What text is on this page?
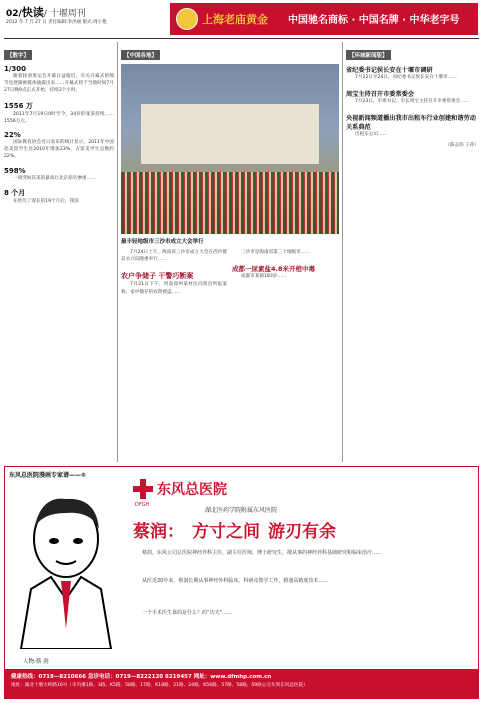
02/快读/ 十堰周刊
2012 年 7 月 27 日 责任编辑:李洪丽 版式:周小艳	上海老庙黄金 中国驰名商标 · 中国名牌 · 中华老字号
【数字】
1/300

随着轮滑奥运会开幕日益临近，有关开幕式的细节也逐渐被媒体披露出来……开幕式将于当地时间7月27日晚9点正式开始，持续3个小时。

1556 万

2011年7月19日0时至今，34岁的张某持续……1556万元。

22%

国际教育协会近日发布的统计显示，2011年中国赴美留学生比2010年增加23%，占留美学生总数约22%。

598%

一项突如其来的暴雨让北京损失惨重……

8 个月

在经历了漫长的19个月后，我国

【中国各地】
最丰轻地级市三沙市成立大会举行

7月24日上午，海南省三沙市成立大会在西沙群岛永兴岛隆重举行……

农户争储子 干警巧断案

7月21日下午，河南郑州某村民向派出所报案称，家中储存的农资被盗……

三沙市是海南省第三个地级市……

成都一尿素盐4.8米开棺中毒

成都市某镇183岁……

【环城新闻版】
省纪委书记侯长安在十堰市调研

7月22日至24日，省纪委书记侯长安在十堰市……

周宝主持召开市委常委会

7月23日，市委书记、市长周宝主持召开市委常委会……

央视新闻频道播出我市出租车行业创建和谐劳动关系典范

出租车公司……

（陈志伟 王萍）
东风总医院漫画专家谱——⑤
人物:蔡 润
东风总医院
DFGH
湖北医药学院附属东风医院
蔡润： 方寸之间 游刃有余

蔡润，东风公司总医院神经外科主任，副主任医师，博士研究生，擅从事的神经外科基础研究和临床治疗……

从医近20年来，蔡润长期从事神经外科临床、科研及教学工作，精通高精度技术……

一个手术医生靠的是什么？的“功夫”……

健康热线：0719—8210666 急诊电话：0719—8222120 8219457 网址：www.dfmhp.com.cn
地址：湖北十堰大岭路16号（市内乘1路、3路、K5路、58路、17路、K18路、21路、24路、K56路、57路、58路、59路公交车到东风总医院）
